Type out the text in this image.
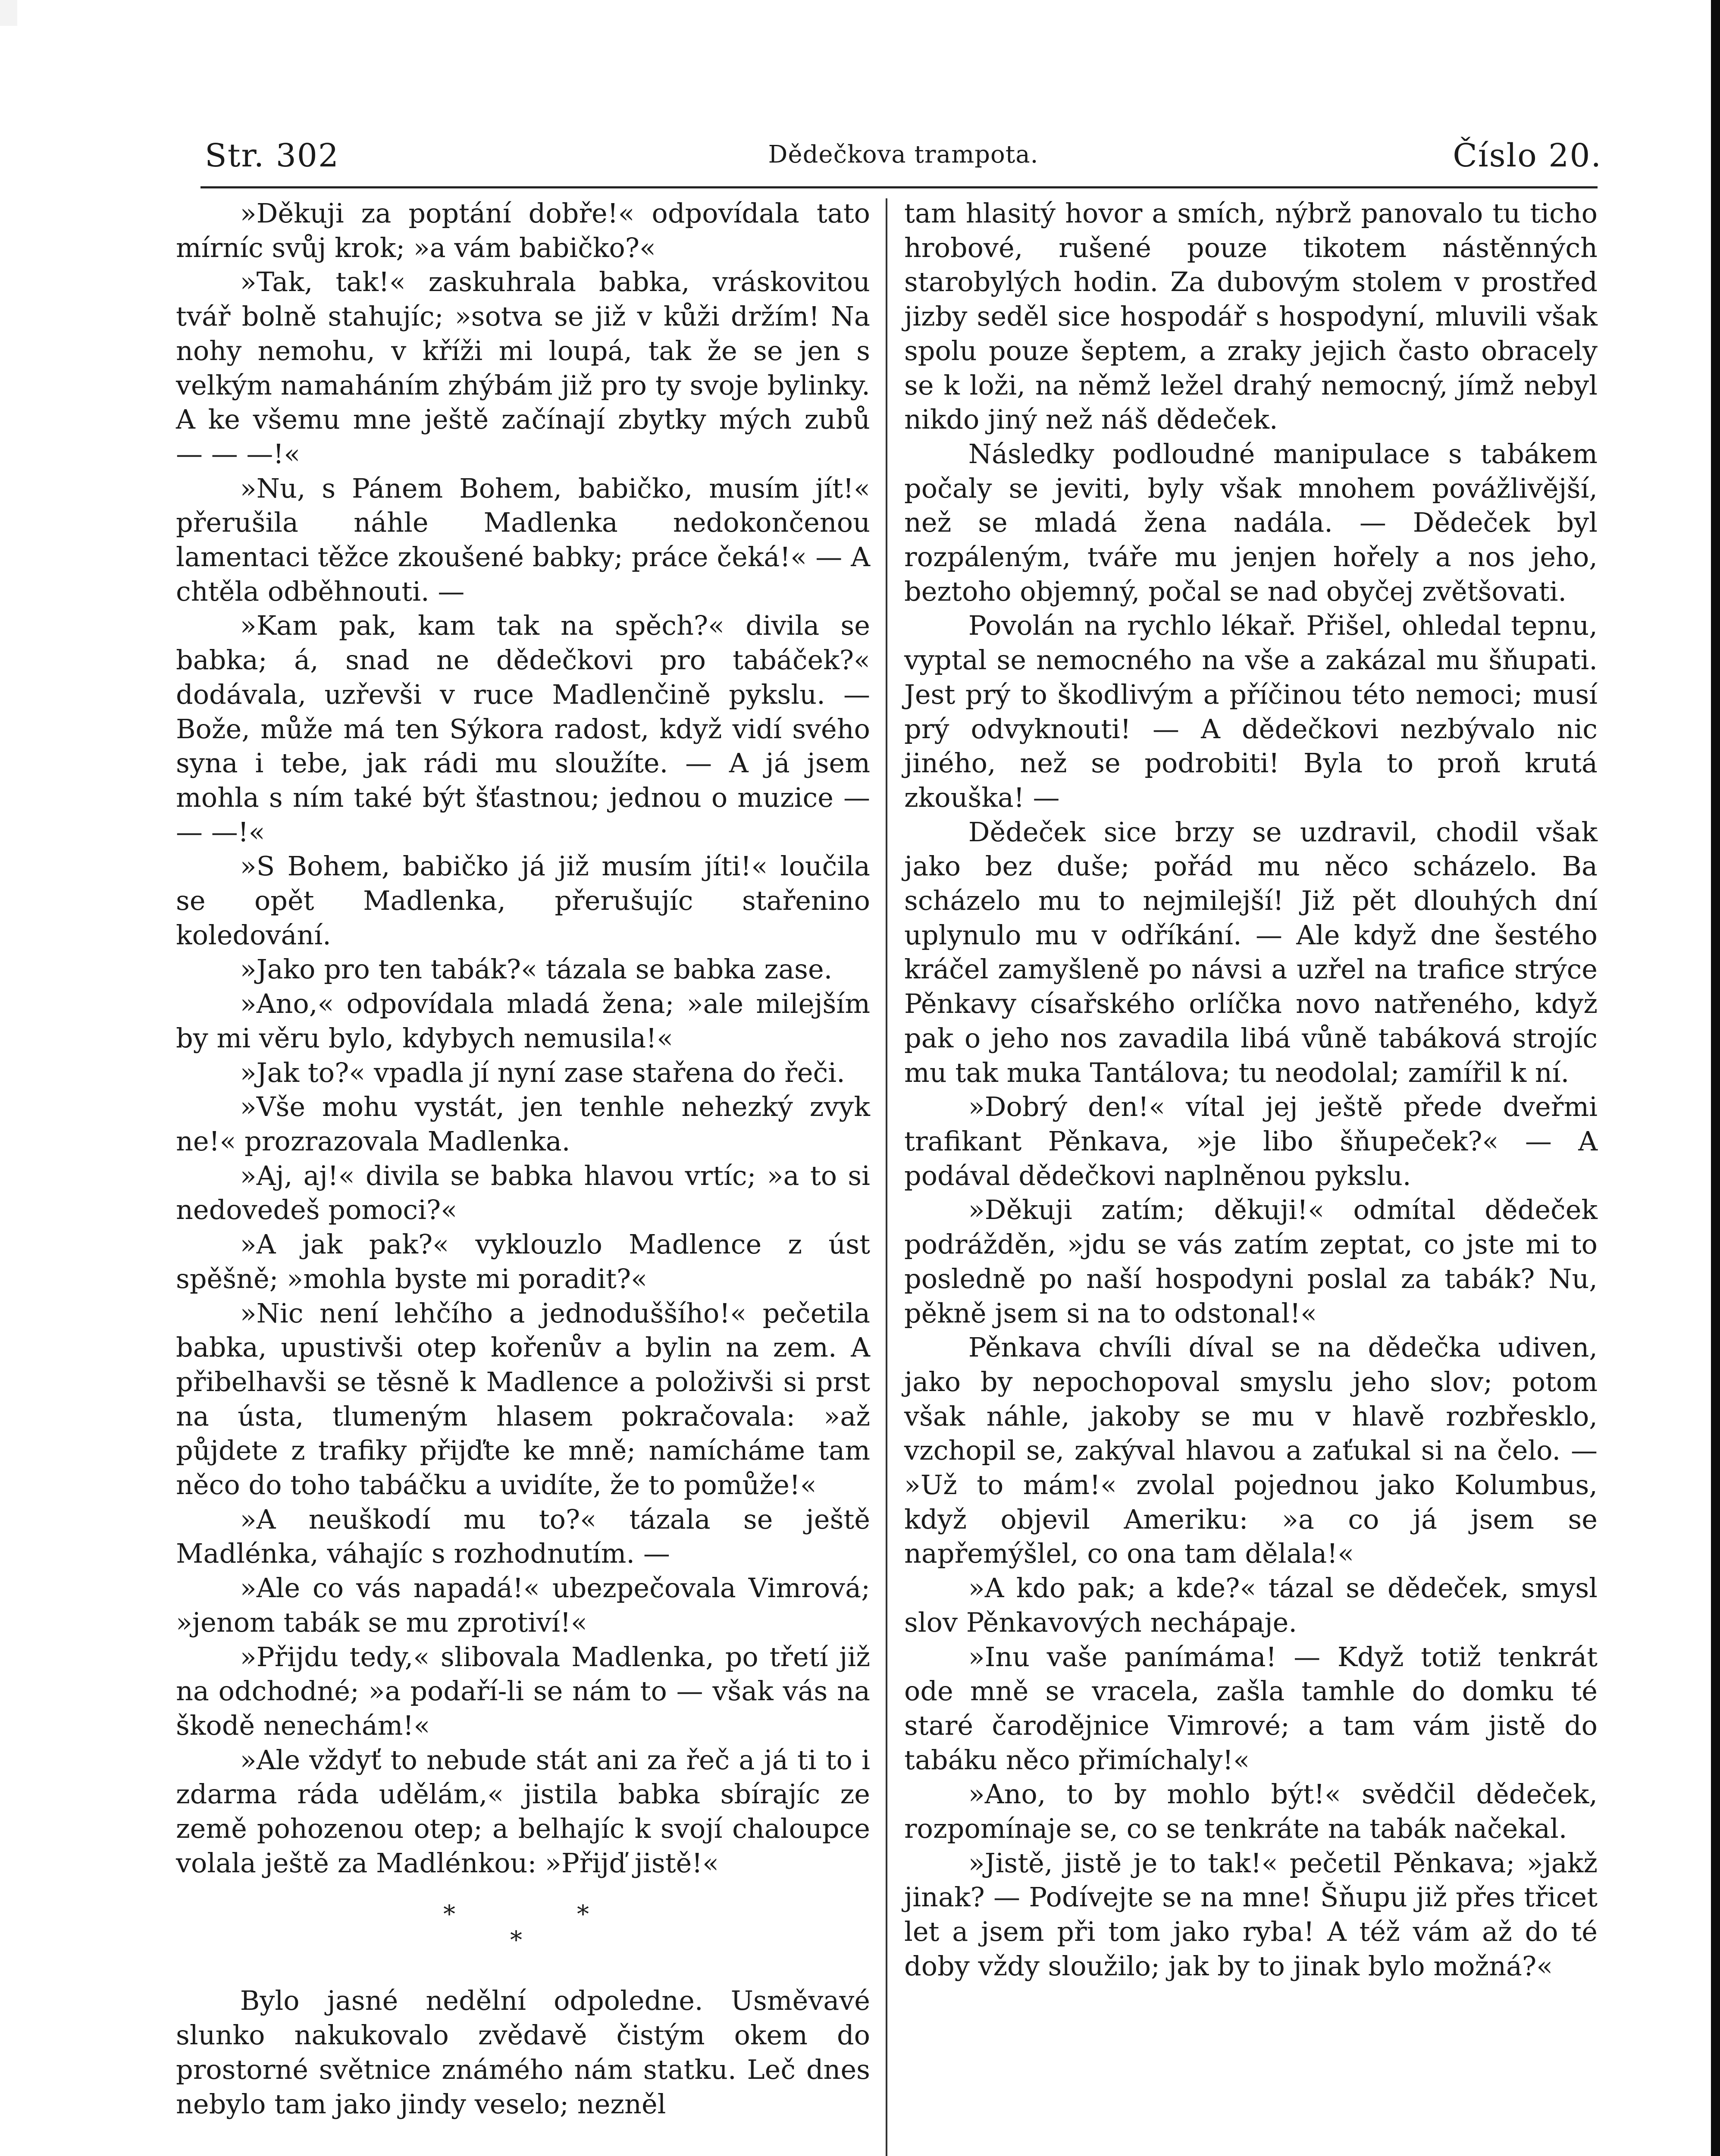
Str. 302	Dědečkova trampota.	Číslo 20.

»Děkuji za poptání dobře!« odpovídala tato mírníc svůj krok; »a vám babičko?«

»Tak, tak!« zaskuhrala babka, vráskovitou tvář bolně stahujíc; »sotva se již v kůži držím! Na nohy nemohu, v kříži mi loupá, tak že se jen s velkým namaháním zhýbám již pro ty svoje bylinky. A ke všemu mne ještě začínají zbytky mých zubů — — —!«

»Nu, s Pánem Bohem, babičko, musím jít!« přerušila náhle Madlenka nedokončenou lamentaci těžce zkoušené babky; práce čeká!« — A chtěla odběhnouti. —

»Kam pak, kam tak na spěch?« divila se babka; á, snad ne dědečkovi pro tabáček?« dodávala, uzřevši v ruce Madlenčině pykslu. — Bože, může má ten Sýkora radost, když vidí svého syna i tebe, jak rádi mu sloužíte. — A já jsem mohla s ním také být šťastnou; jednou o muzice — — —!«

»S Bohem, babičko já již musím jíti!« loučila se opět Madlenka, přerušujíc stařenino koledování.

»Jako pro ten tabák?« tázala se babka zase.

»Ano,« odpovídala mladá žena; »ale milejším by mi věru bylo, kdybych nemusila!«

»Jak to?« vpadla jí nyní zase stařena do řeči.

»Vše mohu vystát, jen tenhle nehezký zvyk ne!« prozrazovala Madlenka.

»Aj, aj!« divila se babka hlavou vrtíc; »a to si nedovedeš pomoci?«

»A jak pak?« vyklouzlo Madlence z úst spěšně; »mohla byste mi poradit?«

»Nic není lehčího a jednoduššího!« pečetila babka, upustivši otep kořenův a bylin na zem. A přibelhavši se těsně k Madlence a položivši si prst na ústa, tlumeným hlasem pokračovala: »až půjdete z trafiky přijďte ke mně; namícháme tam něco do toho tabáčku a uvidíte, že to pomůže!«

»A neuškodí mu to?« tázala se ještě Madlénka, váhajíc s rozhodnutím. —

»Ale co vás napadá!« ubezpečovala Vimrová; »jenom tabák se mu zprotiví!«

»Přijdu tedy,« slibovala Madlenka, po třetí již na odchodné; »a podaří-li se nám to — však vás na škodě nenechám!«

»Ale vždyť to nebude stát ani za řeč a já ti to i zdarma ráda udělám,« jistila babka sbírajíc ze země pohozenou otep; a belhajíc k svojí chaloupce volala ještě za Madlénkou: »Přijď jistě!«

*	*
*

Bylo jasné nedělní odpoledne. Usměvavé slunko nakukovalo zvědavě čistým okem do prostorné světnice známého nám statku. Leč dnes nebylo tam jako jindy veselo; nezněl

tam hlasitý hovor a smích, nýbrž panovalo tu ticho hrobové, rušené pouze tikotem nástěnných starobylých hodin. Za dubovým stolem v prostřed jizby seděl sice hospodář s hospodyní, mluvili však spolu pouze šeptem, a zraky jejich často obracely se k loži, na němž ležel drahý nemocný, jímž nebyl nikdo jiný než náš dědeček.

Následky podloudné manipulace s tabákem počaly se jeviti, byly však mnohem povážlivější, než se mladá žena nadála. — Dědeček byl rozpáleným, tváře mu jenjen hořely a nos jeho, beztoho objemný, počal se nad obyčej zvětšovati.

Povolán na rychlo lékař. Přišel, ohledal tepnu, vyptal se nemocného na vše a zakázal mu šňupati. Jest prý to škodlivým a příčinou této nemoci; musí prý odvyknouti! — A dědečkovi nezbývalo nic jiného, než se podrobiti! Byla to proň krutá zkouška! —

Dědeček sice brzy se uzdravil, chodil však jako bez duše; pořád mu něco scházelo. Ba scházelo mu to nejmilejší! Již pět dlouhých dní uplynulo mu v odříkání. — Ale když dne šestého kráčel zamyšleně po návsi a uzřel na trafice strýce Pěnkavy císařského orlíčka novo natřeného, když pak o jeho nos zavadila libá vůně tabáková strojíc mu tak muka Tantálova; tu neodolal; zamířil k ní.

»Dobrý den!« vítal jej ještě přede dveřmi trafikant Pěnkava, »je libo šňupeček?« — A podával dědečkovi naplněnou pykslu.

»Děkuji zatím; děkuji!« odmítal dědeček podrážděn, »jdu se vás zatím zeptat, co jste mi to posledně po naší hospodyni poslal za tabák? Nu, pěkně jsem si na to odstonal!«

Pěnkava chvíli díval se na dědečka udiven, jako by nepochopoval smyslu jeho slov; potom však náhle, jakoby se mu v hlavě rozbřesklo, vzchopil se, zakýval hlavou a zaťukal si na čelo. — »Už to mám!« zvolal pojednou jako Kolumbus, když objevil Ameriku: »a co já jsem se napřemýšlel, co ona tam dělala!«

»A kdo pak; a kde?« tázal se dědeček, smysl slov Pěnkavových nechápaje.

»Inu vaše panímáma! — Když totiž tenkrát ode mně se vracela, zašla tamhle do domku té staré čarodějnice Vimrové; a tam vám jistě do tabáku něco přimíchaly!«

»Ano, to by mohlo být!« svědčil dědeček, rozpomínaje se, co se tenkráte na tabák načekal.

»Jistě, jistě je to tak!« pečetil Pěnkava; »jakž jinak? — Podívejte se na mne! Šňupu již přes třicet let a jsem při tom jako ryba! A též vám až do té doby vždy sloužilo; jak by to jinak bylo možná?«
